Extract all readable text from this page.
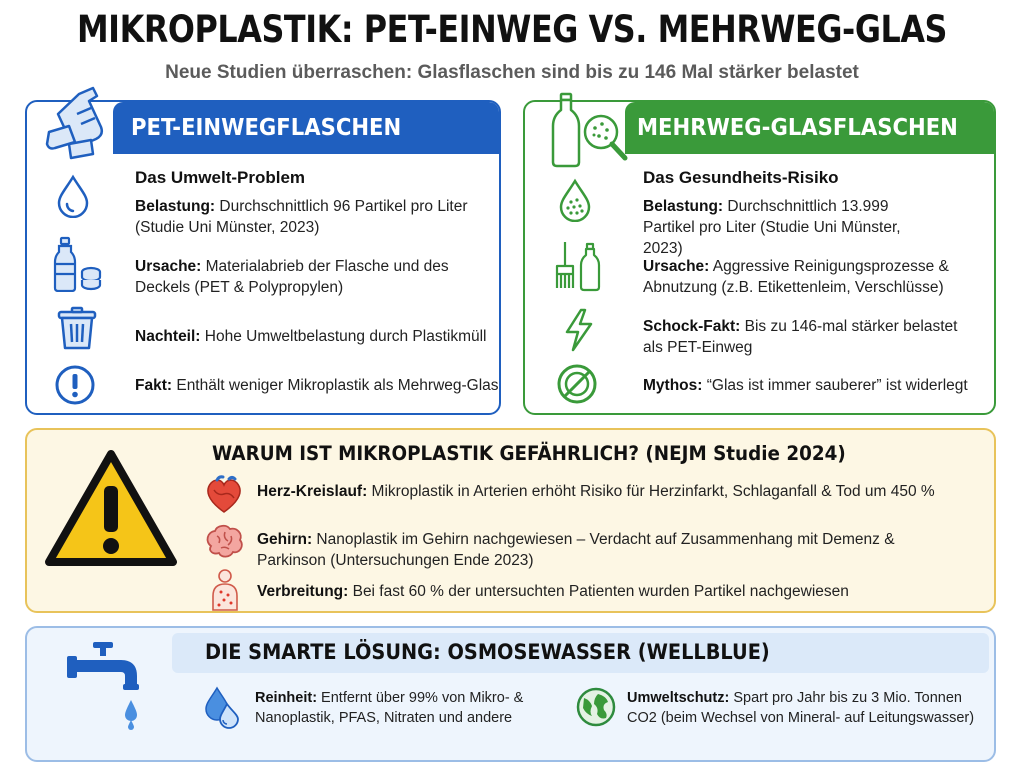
MIKROPLASTIK: PET-EINWEG VS. MEHRWEG-GLAS
Neue Studien überraschen: Glasflaschen sind bis zu 146 Mal stärker belastet
PET-EINWEGFLASCHEN
Das Umwelt-Problem
Belastung: Durchschnittlich 96 Partikel pro Liter (Studie Uni Münster, 2023)
Ursache: Materialabrieb der Flasche und des Deckels (PET & Polypropylen)
Nachteil: Hohe Umweltbelastung durch Plastikmüll
Fakt: Enthält weniger Mikroplastik als Mehrweg-Glas
MEHRWEG-GLASFLASCHEN
Das Gesundheits-Risiko
Belastung: Durchschnittlich 13.999 Partikel pro Liter (Studie Uni Münster, 2023)
Ursache: Aggressive Reinigungsprozesse & Abnutzung (z.B. Etikettenleim, Verschlüsse)
Schock-Fakt: Bis zu 146-mal stärker belastet als PET-Einweg
Mythos: “Glas ist immer sauberer” ist widerlegt
WARUM IST MIKROPLASTIK GEFÄHRLICH? (NEJM Studie 2024)
Herz-Kreislauf: Mikroplastik in Arterien erhöht Risiko für Herzinfarkt, Schlaganfall & Tod um 450 %
Gehirn: Nanoplastik im Gehirn nachgewiesen – Verdacht auf Zusammenhang mit Demenz & Parkinson (Untersuchungen Ende 2023)
Verbreitung: Bei fast 60 % der untersuchten Patienten wurden Partikel nachgewiesen
DIE SMARTE LÖSUNG: OSMOSEWASSER (WELLBLUE)
Reinheit: Entfernt über 99% von Mikro- & Nanoplastik, PFAS, Nitraten und andere
Umweltschutz: Spart pro Jahr bis zu 3 Mio. Tonnen CO2 (beim Wechsel von Mineral- auf Leitungswasser)
